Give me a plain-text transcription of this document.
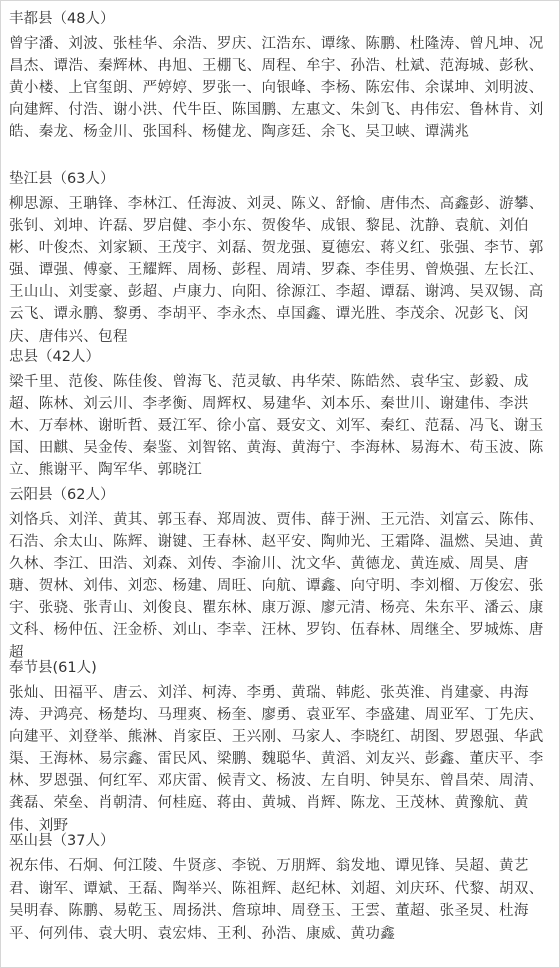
丰都县（48人）
曾宇潘、刘波、张桂华、余浩、罗庆、江浩东、谭缘、陈鹏、杜隆涛、曾凡坤、况昌杰、谭浩、秦辉林、冉旭、王棚飞、周程、牟宇、孙浩、杜斌、范海城、彭秋、黄小楼、上官玺朗、严婷婷、罗张一、向银峰、李杨、陈宏伟、余谋坤、刘明波、向建辉、付浩、谢小洪、代牛臣、陈国鹏、左惠文、朱剑飞、冉伟宏、鲁林肯、刘皓、秦龙、杨金川、张国科、杨健龙、陶彦廷、余飞、吴卫峡、谭满兆
垫江县（63人）
柳思源、王聃锋、李林江、任海波、刘灵、陈义、舒愉、唐伟杰、高鑫彭、游攀、张钊、刘坤、许磊、罗启健、李小东、贺俊华、成银、黎昆、沈静、袁航、刘伯彬、叶俊杰、刘家颖、王茂宇、刘磊、贺龙强、夏德宏、蒋义红、张强、李节、郭强、谭强、傅豪、王耀辉、周杨、彭程、周靖、罗森、李佳男、曾焕强、左长江、王山山、刘雯豪、彭超、卢康力、向阳、徐源江、李超、谭磊、谢鸿、吴双锡、高云飞、谭永鹏、黎勇、李胡平、李永杰、卓国鑫、谭光胜、李茂余、况彭飞、闵庆、唐伟兴、包程
忠县（42人）
梁千里、范俊、陈佳俊、曾海飞、范灵敏、冉华荣、陈皓然、袁华宝、彭毅、成超、陈林、刘云川、李孝衡、周辉权、易建华、刘本乐、秦世川、谢建伟、李洪木、万奉林、谢昕哲、聂江军、徐小富、聂安文、刘军、秦红、范磊、冯飞、谢玉国、田麒、吴金传、秦鉴、刘智铭、黄海、黄海宁、李海林、易海木、苟玉波、陈立、熊谢平、陶军华、郭晓江
云阳县（62人）
刘恪兵、刘洋、黄其、郭玉春、郑周波、贾伟、薛于洲、王元浩、刘富云、陈伟、石浩、余太山、陈辉、谢键、王春林、赵平安、陶帅光、王霜降、温燃、吴迪、黄久林、李江、田浩、刘森、刘传、李渝川、沈文华、黄德龙、黄连威、周昊、唐瑭、贺林、刘伟、刘恋、杨建、周旺、向航、谭鑫、向守明、李刘榴、万俊宏、张宇、张骁、张青山、刘俊良、瞿东林、康万源、廖元清、杨亮、朱东平、潘云、康文科、杨仲伍、汪金桥、刘山、李幸、汪林、罗钧、伍春林、周继全、罗城炼、唐超
奉节县(61人)
张灿、田福平、唐云、刘洋、柯涛、李勇、黄瑞、韩彪、张英淮、肖建豪、冉海涛、尹鸿亮、杨楚均、马理爽、杨奎、廖勇、袁亚军、李盛建、周亚军、丁先庆、向建平、刘登举、熊淋、肖家臣、王兴刚、马家人、李晓红、胡图、罗恩强、华武渠、王海林、易宗鑫、雷民风、梁鹏、魏聪华、黄滔、刘友兴、彭鑫、董庆平、李林、罗恩强、何红军、邓庆雷、候青文、杨波、左自明、钟昊东、曾昌荣、周清、龚磊、荣垒、肖朝清、何桂庭、蒋由、黄城、肖辉、陈龙、王茂林、黄豫航、黄伟、刘野
巫山县（37人）
祝东伟、石炯、何江陵、牛贤彦、李锐、万朋辉、翁发地、谭见锋、吴超、黄艺君、谢军、谭斌、王磊、陶举兴、陈祖辉、赵纪林、刘超、刘庆环、代黎、胡双、吴明春、陈鹏、易乾玉、周扬洪、詹琼坤、周登玉、王雲、董超、张圣炅、杜海平、何列伟、袁大明、袁宏炜、王利、孙浩、康威、黄功鑫
